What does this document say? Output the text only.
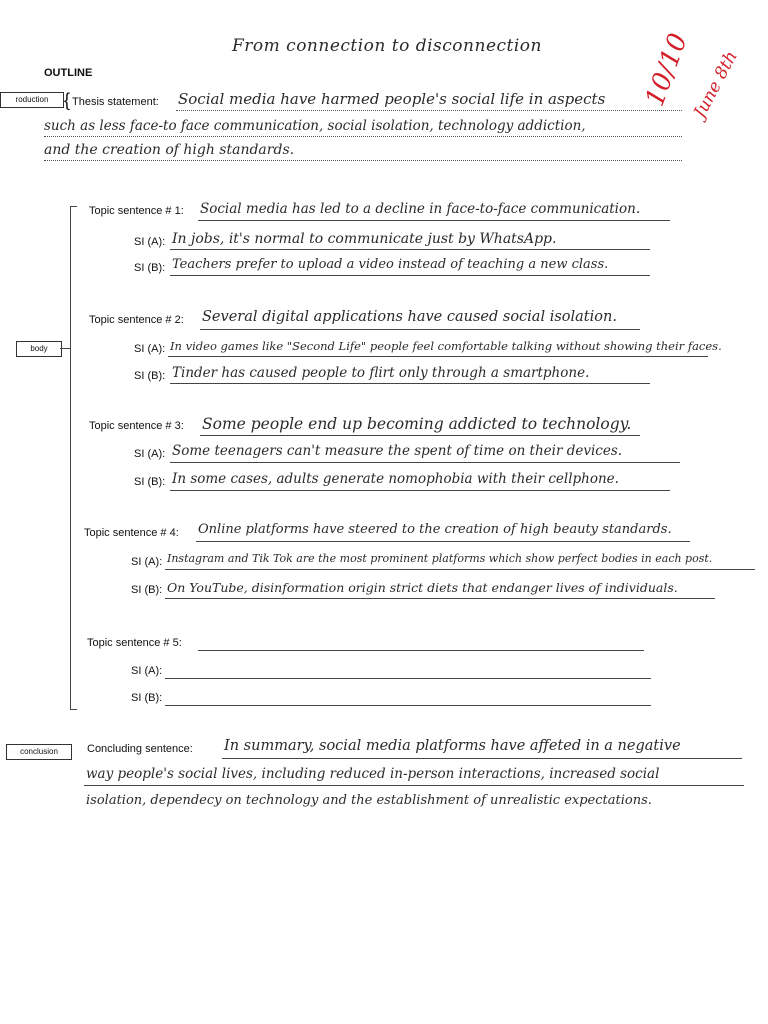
From connection to disconnection
OUTLINE	10/10
June 8th
roduction {
body
conclusion
Thesis statement: Social media have harmed people's social life in aspects
such as less face-to face communication, social isolation, technology addiction,
and the creation of high standards.
Topic sentence # 1: Social media has led to a decline in face-to-face communication.
SI (A): In jobs, it's normal to communicate just by WhatsApp.
SI (B): Teachers prefer to upload a video instead of teaching a new class.
Topic sentence # 2: Several digital applications have caused social isolation.
SI (A): In video games like "Second Life" people feel comfortable talking without showing their faces.
SI (B): Tinder has caused people to flirt only through a smartphone.
Topic sentence # 3: Some people end up becoming addicted to technology.
SI (A): Some teenagers can't measure the spent of time on their devices.
SI (B): In some cases, adults generate nomophobia with their cellphone.
Topic sentence # 4: Online platforms have steered to the creation of high beauty standards.
SI (A): Instagram and Tik Tok are the most prominent platforms which show perfect bodies in each post.
SI (B): On YouTube, disinformation origin strict diets that endanger lives of individuals.
Topic sentence # 5:
SI (A):
SI (B):
Concluding sentence: In summary, social media platforms have affeted in a negative
way people's social lives, including reduced in-person interactions, increased social
isolation, dependecy on technology and the establishment of unrealistic expectations.
